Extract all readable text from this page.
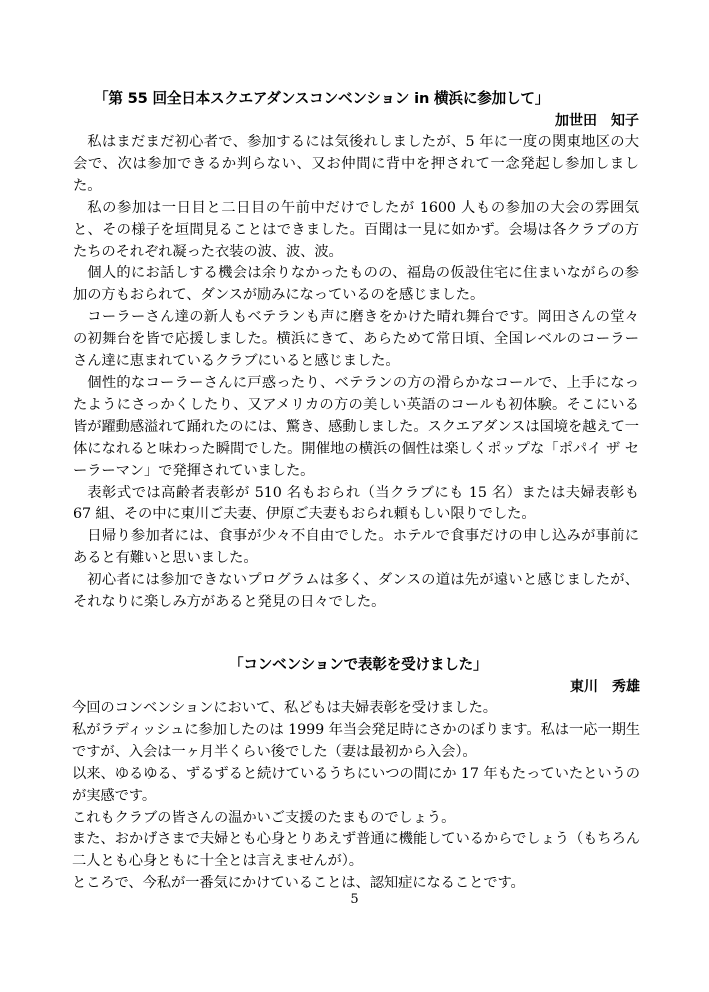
「第 55 回全日本スクエアダンスコンベンション in 横浜に参加して」
加世田　知子

私はまだまだ初心者で、参加するには気後れしましたが、5 年に一度の関東地区の大会で、次は参加できるか判らない、又お仲間に背中を押されて一念発起し参加しました。

私の参加は一日目と二日目の午前中だけでしたが 1600 人もの参加の大会の雰囲気と、その様子を垣間見ることはできました。百聞は一見に如かず。会場は各クラブの方たちのそれぞれ凝った衣装の波、波、波。

個人的にお話しする機会は余りなかったものの、福島の仮設住宅に住まいながらの参加の方もおられて、ダンスが励みになっているのを感じました。

コーラーさん達の新人もベテランも声に磨きをかけた晴れ舞台です。岡田さんの堂々の初舞台を皆で応援しました。横浜にきて、あらためて常日頃、全国レベルのコーラーさん達に恵まれているクラブにいると感じました。

個性的なコーラーさんに戸惑ったり、ベテランの方の滑らかなコールで、上手になったようにさっかくしたり、又アメリカの方の美しい英語のコールも初体験。そこにいる皆が躍動感溢れて踊れたのには、驚き、感動しました。スクエアダンスは国境を越えて一体になれると味わった瞬間でした。開催地の横浜の個性は楽しくポップな「ポパイ ザ セーラーマン」で発揮されていました。

表彰式では高齢者表彰が 510 名もおられ（当クラブにも 15 名）または夫婦表彰も 67 組、その中に東川ご夫妻、伊原ご夫妻もおられ頼もしい限りでした。

日帰り参加者には、食事が少々不自由でした。ホテルで食事だけの申し込みが事前にあると有難いと思いました。

初心者には参加できないプログラムは多く、ダンスの道は先が遠いと感じましたが、それなりに楽しみ方があると発見の日々でした。

「コンベンションで表彰を受けました」
東川　秀雄

今回のコンベンションにおいて、私どもは夫婦表彰を受けました。

私がラディッシュに参加したのは 1999 年当会発足時にさかのぼります。私は一応一期生ですが、入会は一ヶ月半くらい後でした（妻は最初から入会）。

以来、ゆるゆる、ずるずると続けているうちにいつの間にか 17 年もたっていたというのが実感です。

これもクラブの皆さんの温かいご支援のたまものでしょう。

また、おかげさまで夫婦とも心身とりあえず普通に機能しているからでしょう（もちろん二人とも心身ともに十全とは言えませんが）。

ところで、今私が一番気にかけていることは、認知症になることです。

5
